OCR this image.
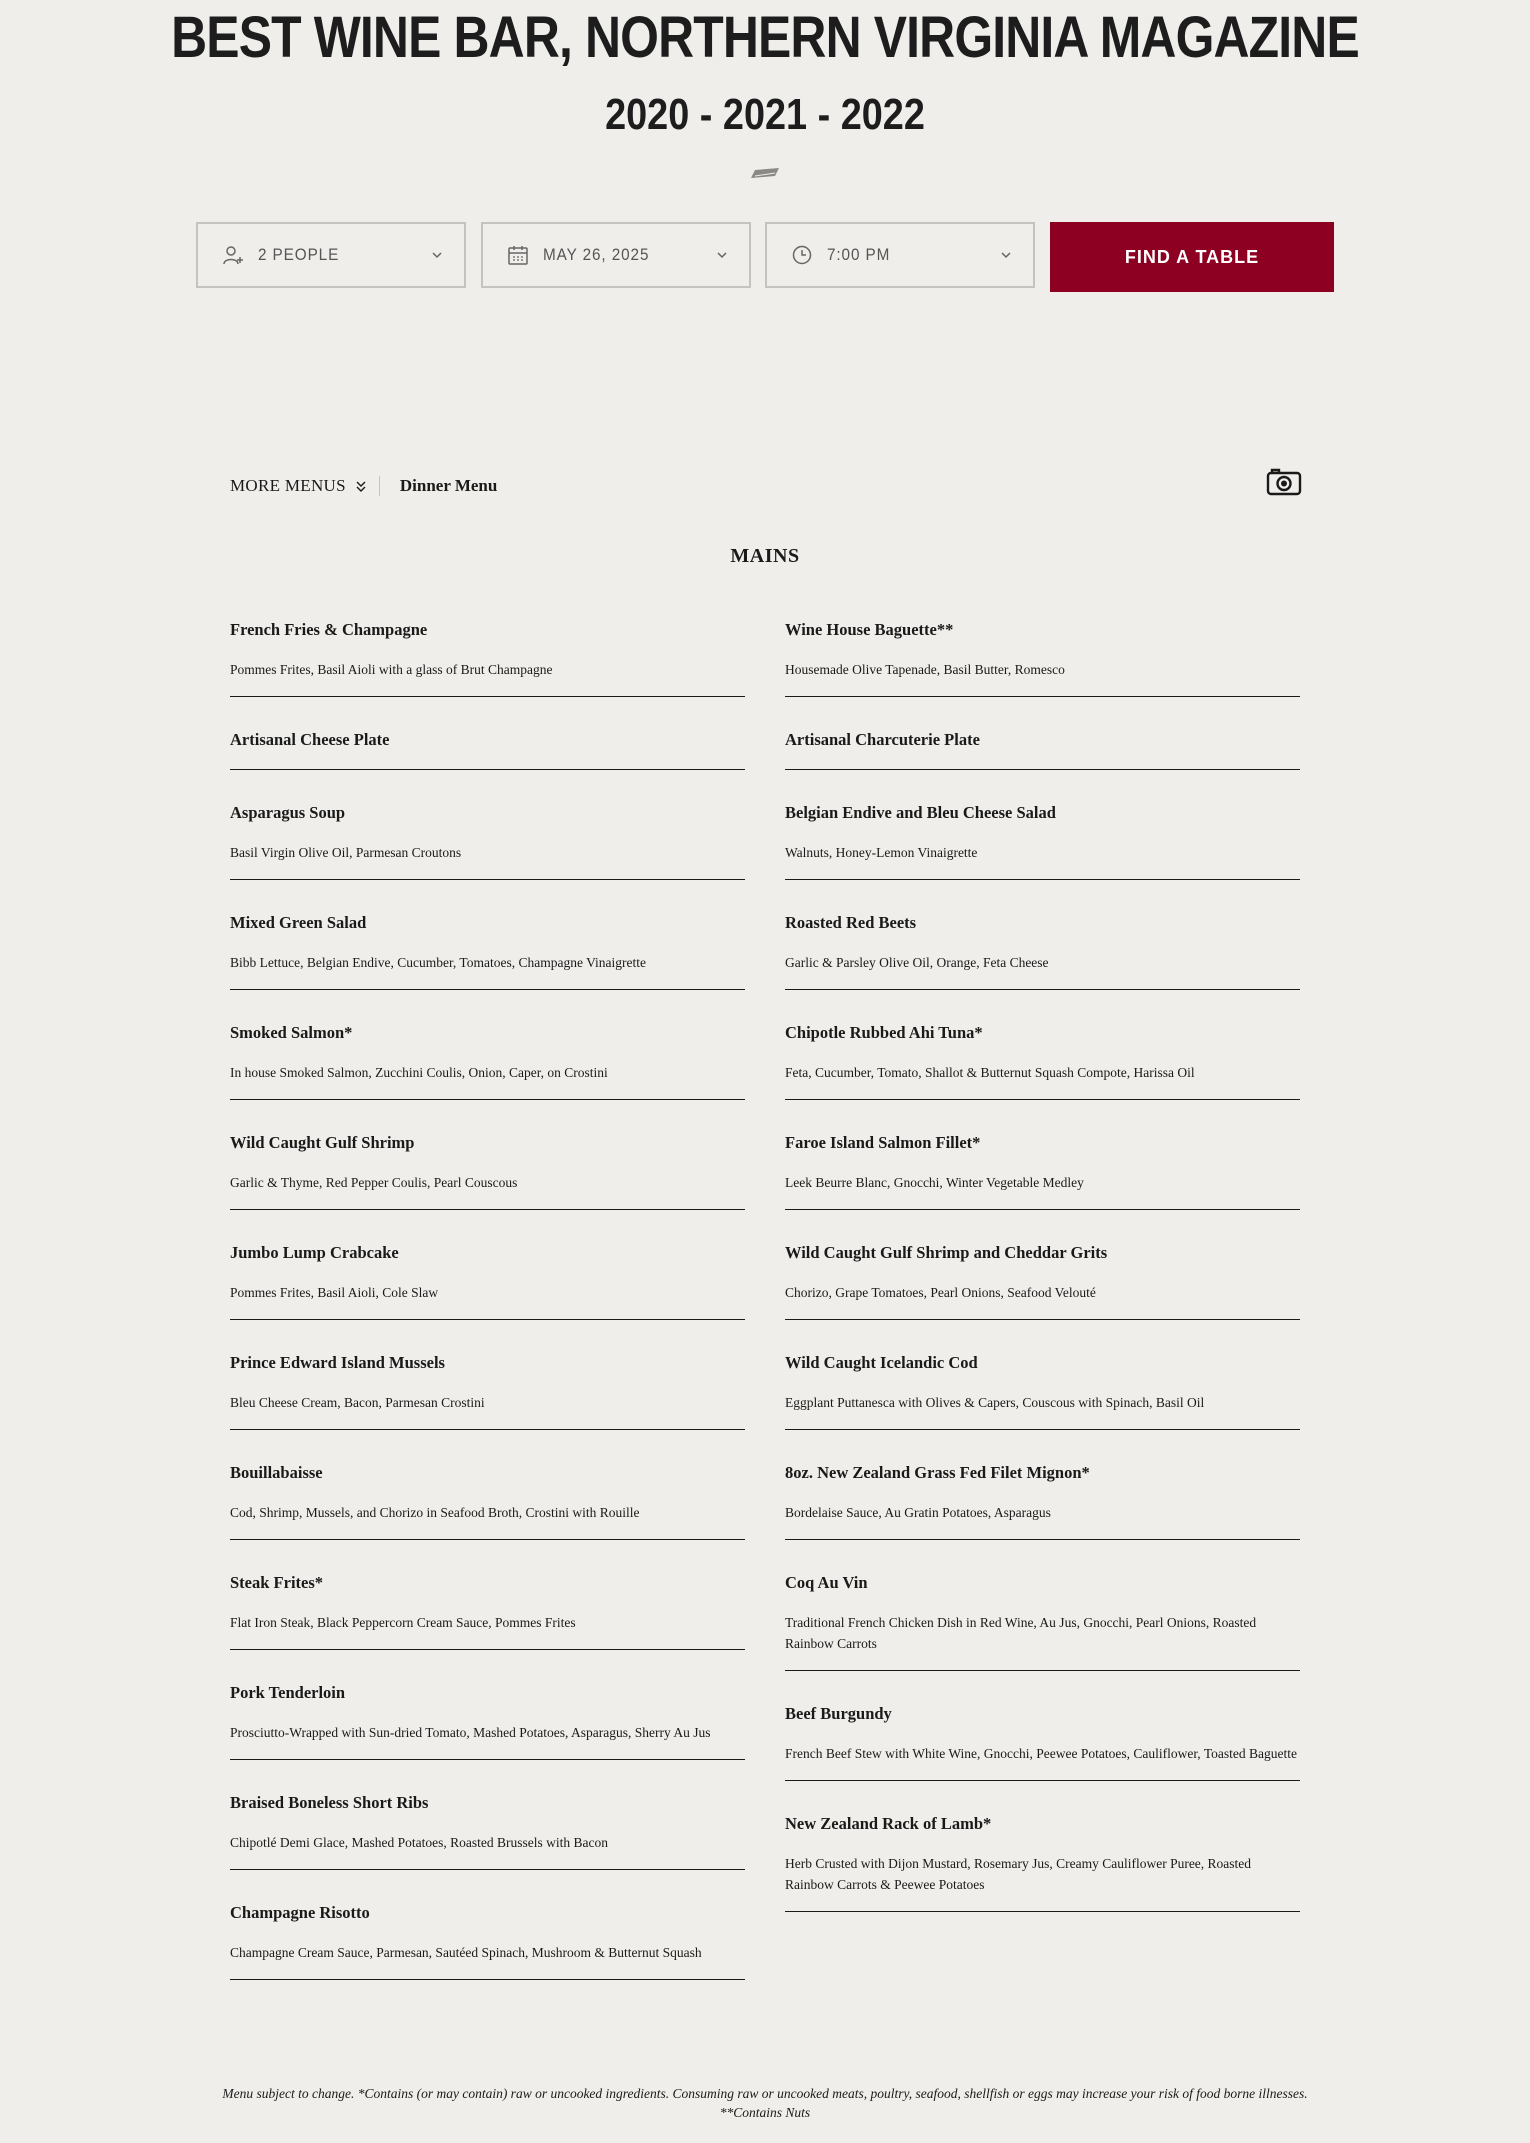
BEST WINE BAR, NORTHERN VIRGINIA MAGAZINE
2020 - 2021 - 2022
2 PEOPLE	MAY 26, 2025	7:00 PM	FIND A TABLE
MORE MENUS	Dinner Menu
MAINS

French Fries & Champagne

Pommes Frites, Basil Aioli with a glass of Brut Champagne

Artisanal Cheese Plate

Asparagus Soup

Basil Virgin Olive Oil, Parmesan Croutons

Mixed Green Salad

Bibb Lettuce, Belgian Endive, Cucumber, Tomatoes, Champagne Vinaigrette

Smoked Salmon*

In house Smoked Salmon, Zucchini Coulis, Onion, Caper, on Crostini

Wild Caught Gulf Shrimp

Garlic & Thyme, Red Pepper Coulis, Pearl Couscous

Jumbo Lump Crabcake

Pommes Frites, Basil Aioli, Cole Slaw

Prince Edward Island Mussels

Bleu Cheese Cream, Bacon, Parmesan Crostini

Bouillabaisse

Cod, Shrimp, Mussels, and Chorizo in Seafood Broth, Crostini with Rouille

Steak Frites*

Flat Iron Steak, Black Peppercorn Cream Sauce, Pommes Frites

Pork Tenderloin

Prosciutto-Wrapped with Sun-dried Tomato, Mashed Potatoes, Asparagus, Sherry Au Jus

Braised Boneless Short Ribs

Chipotlé Demi Glace, Mashed Potatoes, Roasted Brussels with Bacon

Champagne Risotto

Champagne Cream Sauce, Parmesan, Sautéed Spinach, Mushroom & Butternut Squash

Wine House Baguette**

Housemade Olive Tapenade, Basil Butter, Romesco

Artisanal Charcuterie Plate

Belgian Endive and Bleu Cheese Salad

Walnuts, Honey-Lemon Vinaigrette

Roasted Red Beets

Garlic & Parsley Olive Oil, Orange, Feta Cheese

Chipotle Rubbed Ahi Tuna*

Feta, Cucumber, Tomato, Shallot & Butternut Squash Compote, Harissa Oil

Faroe Island Salmon Fillet*

Leek Beurre Blanc, Gnocchi, Winter Vegetable Medley

Wild Caught Gulf Shrimp and Cheddar Grits

Chorizo, Grape Tomatoes, Pearl Onions, Seafood Velouté

Wild Caught Icelandic Cod

Eggplant Puttanesca with Olives & Capers, Couscous with Spinach, Basil Oil

8oz. New Zealand Grass Fed Filet Mignon*

Bordelaise Sauce, Au Gratin Potatoes, Asparagus

Coq Au Vin

Traditional French Chicken Dish in Red Wine, Au Jus, Gnocchi, Pearl Onions, Roasted Rainbow Carrots

Beef Burgundy

French Beef Stew with White Wine, Gnocchi, Peewee Potatoes, Cauliflower, Toasted Baguette

New Zealand Rack of Lamb*

Herb Crusted with Dijon Mustard, Rosemary Jus, Creamy Cauliflower Puree, Roasted Rainbow Carrots & Peewee Potatoes

Menu subject to change. *Contains (or may contain) raw or uncooked ingredients. Consuming raw or uncooked meats, poultry, seafood, shellfish or eggs may increase your risk of food borne illnesses.
**Contains Nuts
